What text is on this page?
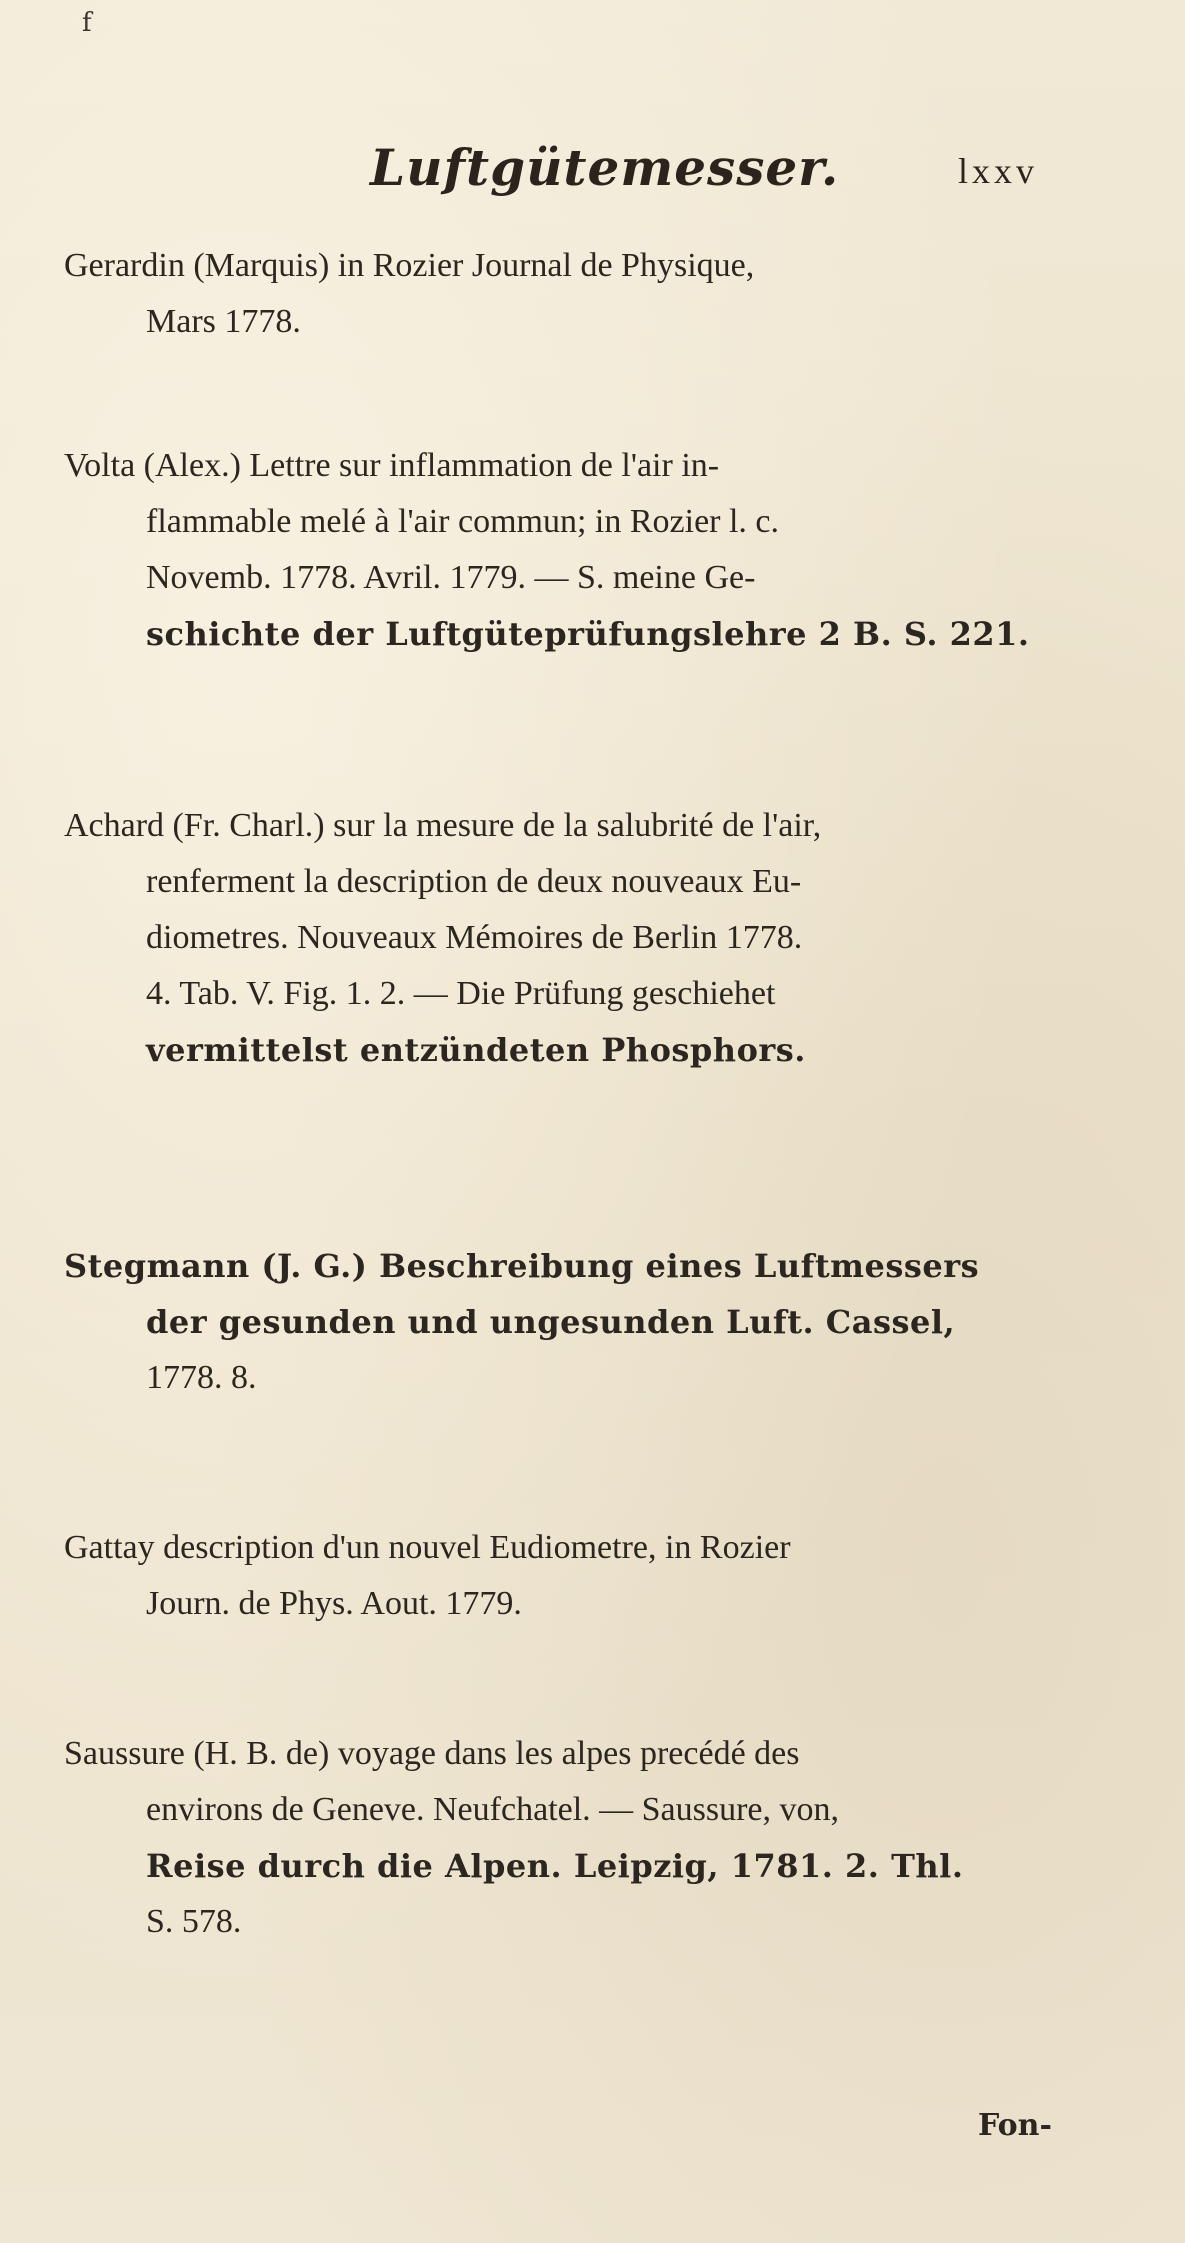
f
Luftgütemesser.	lxxv
Gerardin (Marquis) in Rozier Journal de Physique,
Mars 1778.
Volta (Alex.) Lettre sur inflammation de l'air in-
flammable melé à l'air commun; in Rozier l. c.
Novemb. 1778. Avril. 1779. — S. meine Ge-
schichte der Luftgüteprüfungslehre 2 B. S. 221.
Achard (Fr. Charl.) sur la mesure de la salubrité de l'air,
renferment la description de deux nouveaux Eu-
diometres. Nouveaux Mémoires de Berlin 1778.
4. Tab. V. Fig. 1. 2. — Die Prüfung geschiehet
vermittelst entzündeten Phosphors.
Stegmann (J. G.) Beschreibung eines Luftmessers
der gesunden und ungesunden Luft. Cassel,
1778. 8.
Gattay description d'un nouvel Eudiometre, in Rozier
Journ. de Phys. Aout. 1779.
Saussure (H. B. de) voyage dans les alpes precédé des
environs de Geneve. Neufchatel. — Saussure, von,
Reise durch die Alpen. Leipzig, 1781. 2. Thl.
S. 578.
Fon-
